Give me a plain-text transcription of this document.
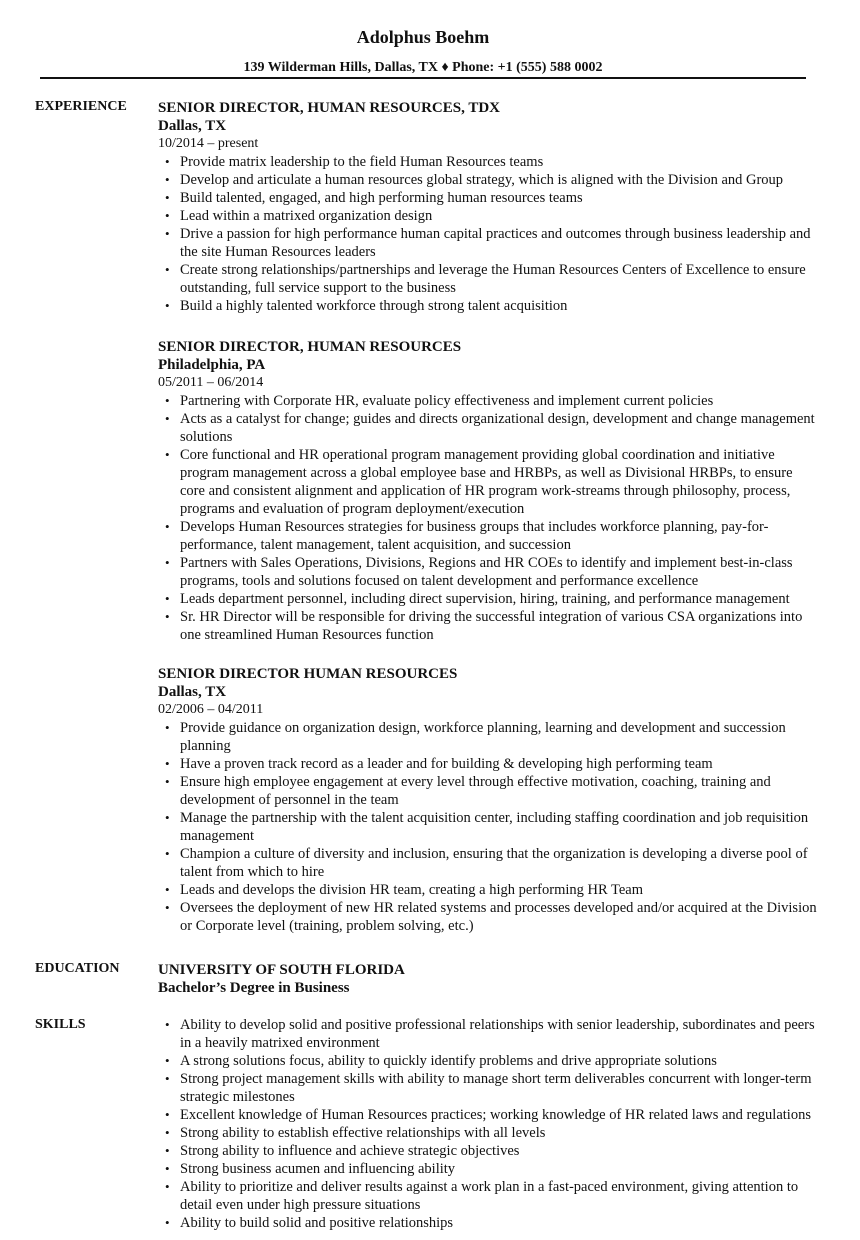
Adolphus Boehm
139 Wilderman Hills, Dallas, TX ♦ Phone: +1 (555) 588 0002
EXPERIENCE SENIOR DIRECTOR, HUMAN RESOURCES, TDX
Dallas, TX
10/2014 – present
• Provide matrix leadership to the field Human Resources teams
• Develop and articulate a human resources global strategy, which is aligned with the Division and Group
• Build talented, engaged, and high performing human resources teams
• Lead within a matrixed organization design
• Drive a passion for high performance human capital practices and outcomes through business leadership and the site Human Resources leaders
• Create strong relationships/partnerships and leverage the Human Resources Centers of Excellence to ensure outstanding, full service support to the business
• Build a highly talented workforce through strong talent acquisition
SENIOR DIRECTOR, HUMAN RESOURCES
Philadelphia, PA
05/2011 – 06/2014
• Partnering with Corporate HR, evaluate policy effectiveness and implement current policies
• Acts as a catalyst for change; guides and directs organizational design, development and change management solutions
• Core functional and HR operational program management providing global coordination and initiative program management across a global employee base and HRBPs, as well as Divisional HRBPs, to ensure core and consistent alignment and application of HR program work-streams through philosophy, process, programs and evaluation of program deployment/execution
• Develops Human Resources strategies for business groups that includes workforce planning, pay-for-performance, talent management, talent acquisition, and succession
• Partners with Sales Operations, Divisions, Regions and HR COEs to identify and implement best-in-class programs, tools and solutions focused on talent development and performance excellence
• Leads department personnel, including direct supervision, hiring, training, and performance management
• Sr. HR Director will be responsible for driving the successful integration of various CSA organizations into one streamlined Human Resources function
SENIOR DIRECTOR HUMAN RESOURCES
Dallas, TX
02/2006 – 04/2011
• Provide guidance on organization design, workforce planning, learning and development and succession planning
• Have a proven track record as a leader and for building & developing high performing team
• Ensure high employee engagement at every level through effective motivation, coaching, training and development of personnel in the team
• Manage the partnership with the talent acquisition center, including staffing coordination and job requisition management
• Champion a culture of diversity and inclusion, ensuring that the organization is developing a diverse pool of talent from which to hire
• Leads and develops the division HR team, creating a high performing HR Team
• Oversees the deployment of new HR related systems and processes developed and/or acquired at the Division or Corporate level (training, problem solving, etc.)
EDUCATION	UNIVERSITY OF SOUTH FLORIDA
Bachelor’s Degree in Business
SKILLS
•	Ability to develop solid and positive professional relationships with senior leadership, subordinates and peers in a heavily matrixed environment
• A strong solutions focus, ability to quickly identify problems and drive appropriate solutions
• Strong project management skills with ability to manage short term deliverables concurrent with longer-term strategic milestones
• Excellent knowledge of Human Resources practices; working knowledge of HR related laws and regulations
• Strong ability to establish effective relationships with all levels
• Strong ability to influence and achieve strategic objectives
• Strong business acumen and influencing ability
• Ability to prioritize and deliver results against a work plan in a fast-paced environment, giving attention to detail even under high pressure situations
• Ability to build solid and positive relationships
